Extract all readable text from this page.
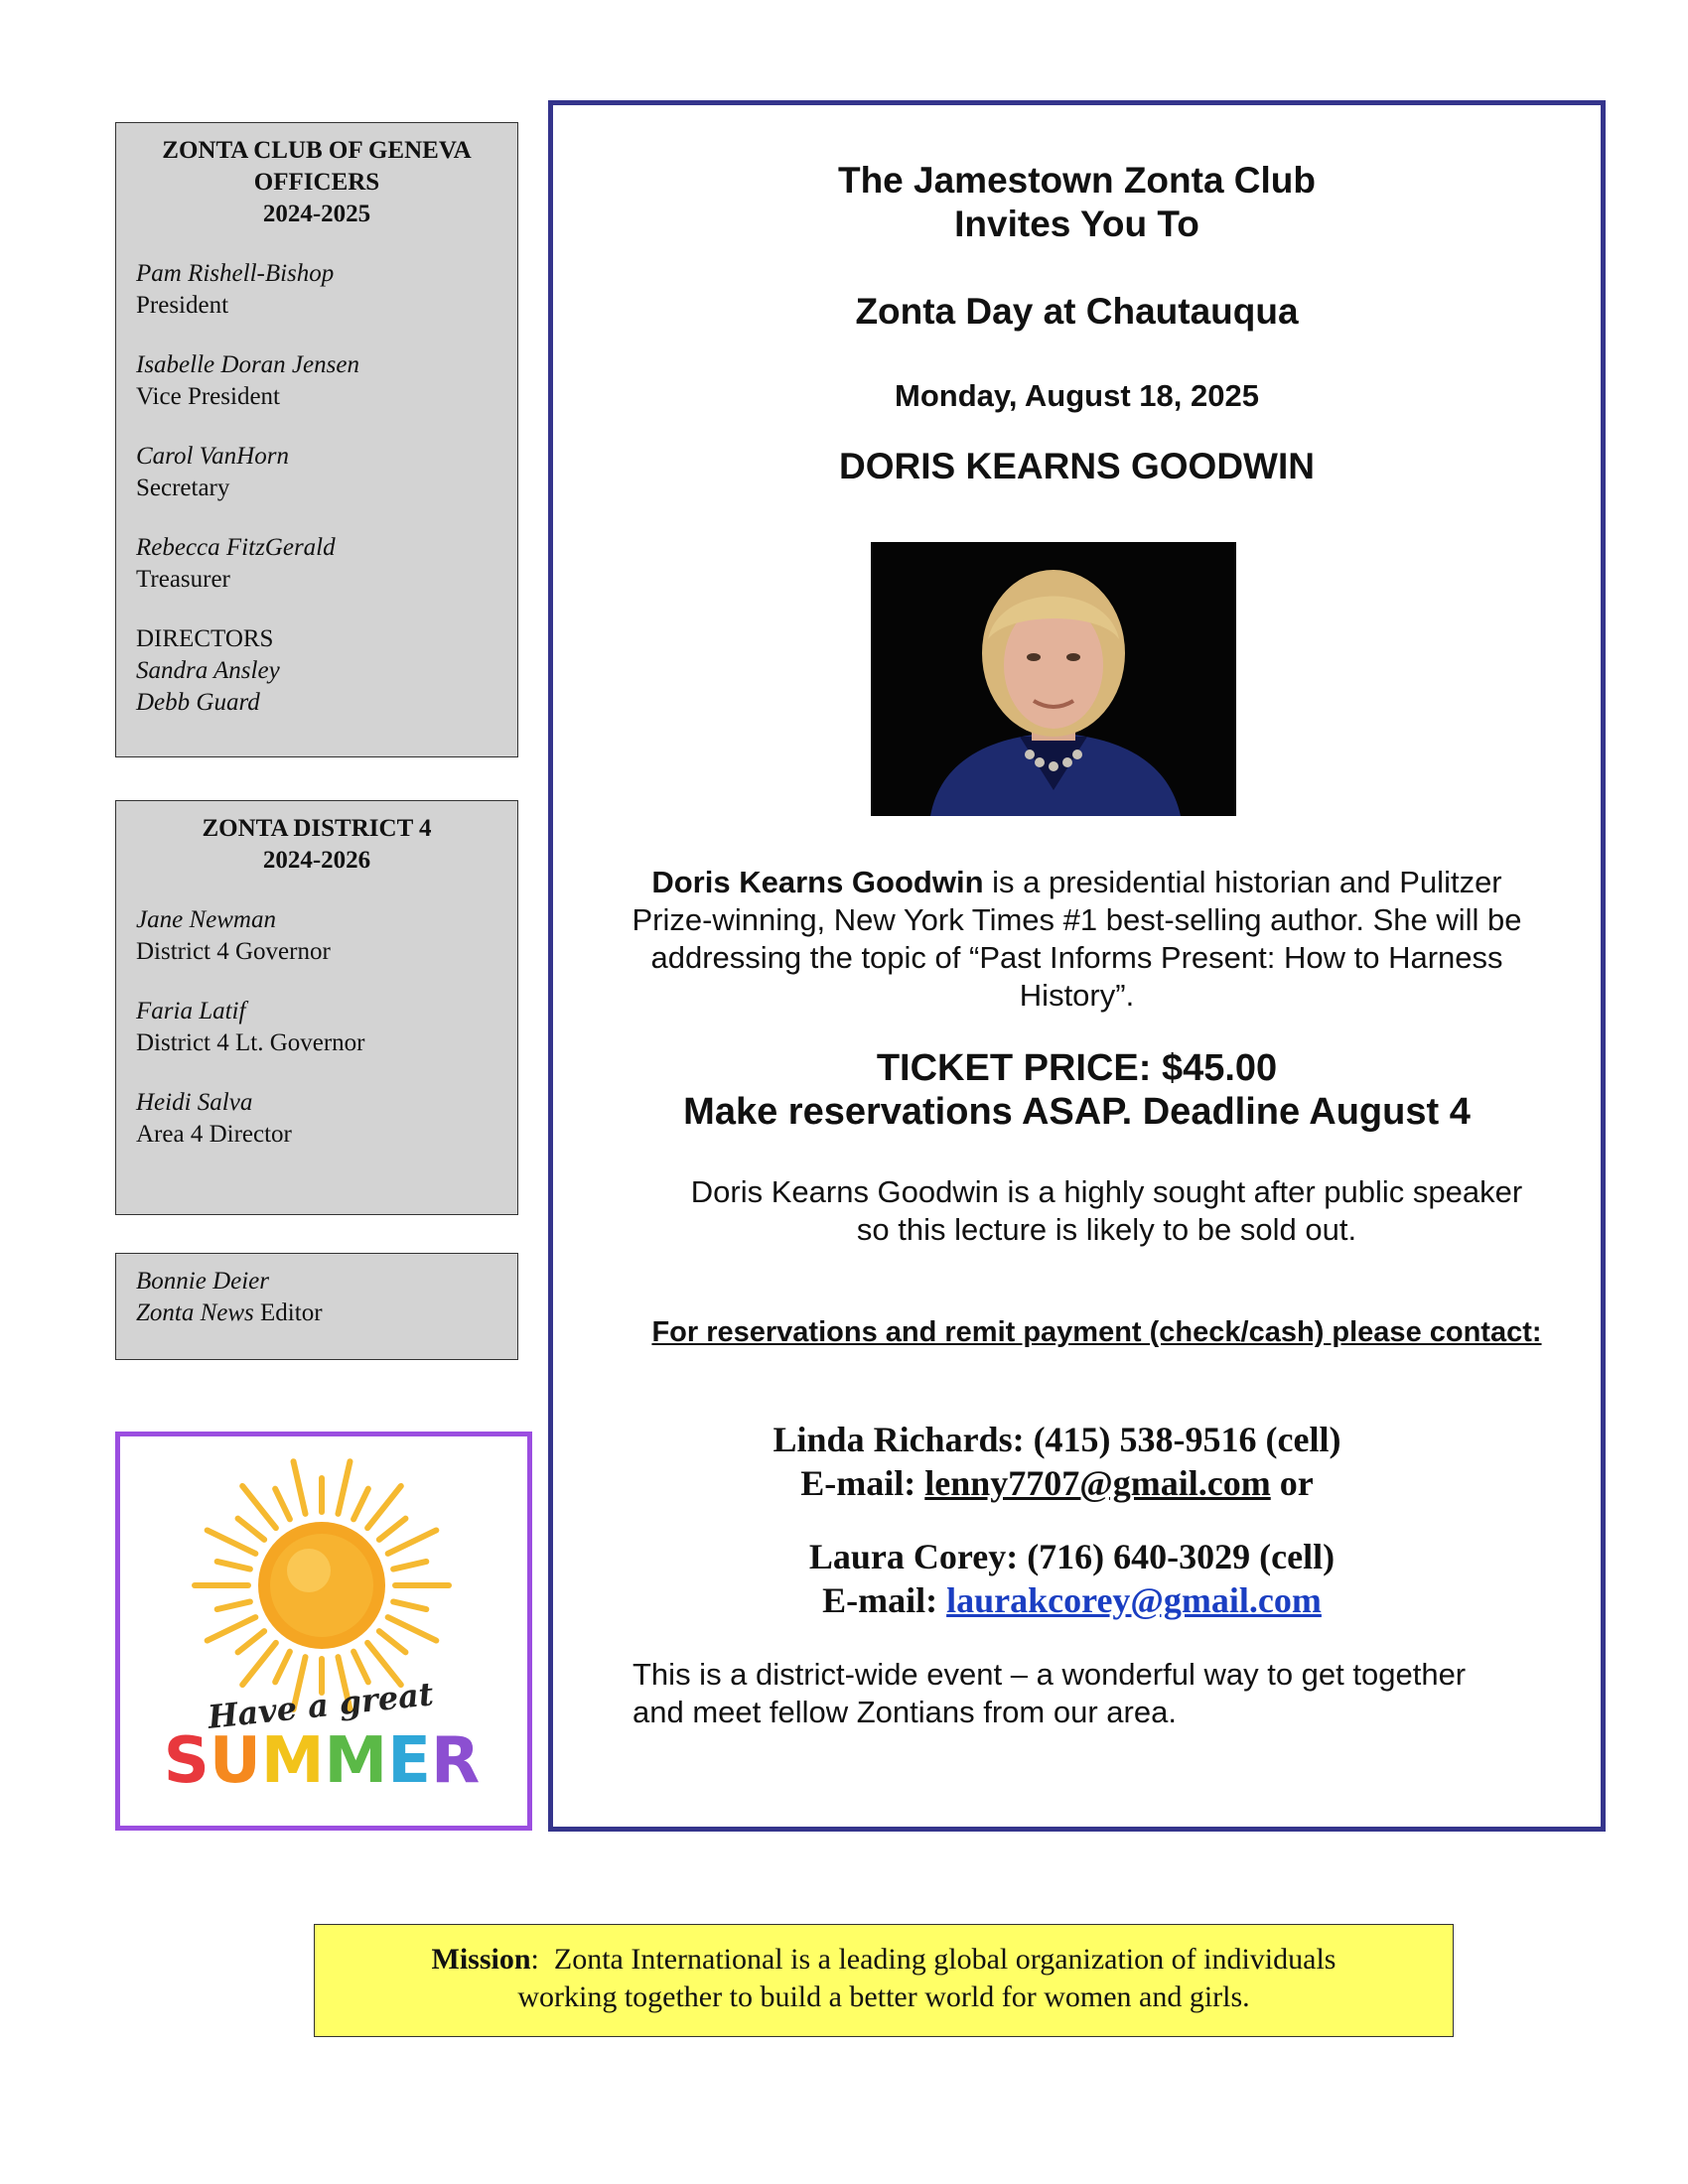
ZONTA CLUB OF GENEVA
OFFICERS
2024-2025
Pam Rishell-Bishop
President
Isabelle Doran Jensen
Vice President
Carol VanHorn
Secretary
Rebecca FitzGerald
Treasurer
DIRECTORS
Sandra Ansley
Debb Guard
ZONTA DISTRICT 4
2024-2026
Jane Newman
District 4 Governor
Faria Latif
District 4 Lt. Governor
Heidi Salva
Area 4 Director
Bonnie Deier
Zonta News Editor
Have a great
SUMMER
The Jamestown Zonta Club
Invites You To
Zonta Day at Chautauqua
Monday, August 18, 2025
DORIS KEARNS GOODWIN
Doris Kearns Goodwin is a presidential historian and Pulitzer
Prize-winning, New York Times #1 best-selling author. She will be
addressing the topic of “Past Informs Present: How to Harness
History”.
TICKET PRICE: $45.00
Make reservations ASAP. Deadline August 4
Doris Kearns Goodwin is a highly sought after public speaker
so this lecture is likely to be sold out.
For reservations and remit payment (check/cash) please contact:
Linda Richards: (415) 538-9516 (cell)
E-mail: lenny7707@gmail.com or
Laura Corey: (716) 640-3029 (cell)
E-mail: laurakcorey@gmail.com
This is a district-wide event – a wonderful way to get together
and meet fellow Zontians from our area.
Mission:  Zonta International is a leading global organization of individuals
working together to build a better world for women and girls.
